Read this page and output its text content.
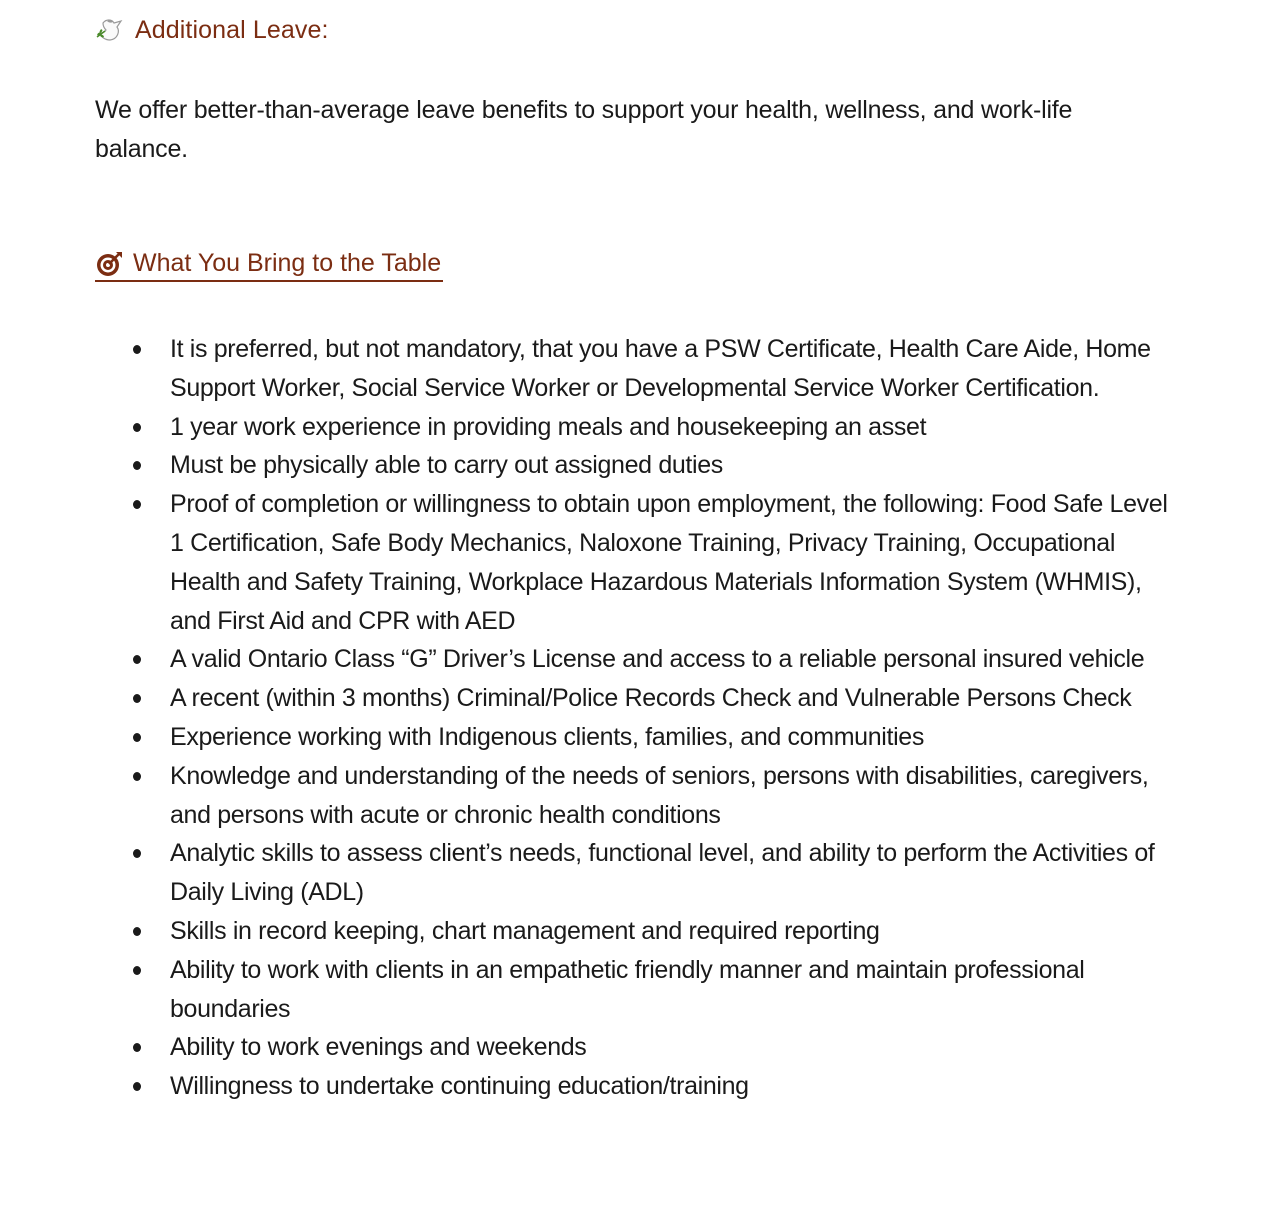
Additional Leave:
We offer better-than-average leave benefits to support your health, wellness, and work-life balance.
What You Bring to the Table
It is preferred, but not mandatory, that you have a PSW Certificate, Health Care Aide, Home Support Worker, Social Service Worker or Developmental Service Worker Certification.
1 year work experience in providing meals and housekeeping an asset
Must be physically able to carry out assigned duties
Proof of completion or willingness to obtain upon employment, the following: Food Safe Level 1 Certification, Safe Body Mechanics, Naloxone Training, Privacy Training, Occupational Health and Safety Training, Workplace Hazardous Materials Information System (WHMIS), and First Aid and CPR with AED
A valid Ontario Class “G” Driver’s License and access to a reliable personal insured vehicle
A recent (within 3 months) Criminal/Police Records Check and Vulnerable Persons Check
Experience working with Indigenous clients, families, and communities
Knowledge and understanding of the needs of seniors, persons with disabilities, caregivers, and persons with acute or chronic health conditions
Analytic skills to assess client’s needs, functional level, and ability to perform the Activities of Daily Living (ADL)
Skills in record keeping, chart management and required reporting
Ability to work with clients in an empathetic friendly manner and maintain professional boundaries
Ability to work evenings and weekends
Willingness to undertake continuing education/training
